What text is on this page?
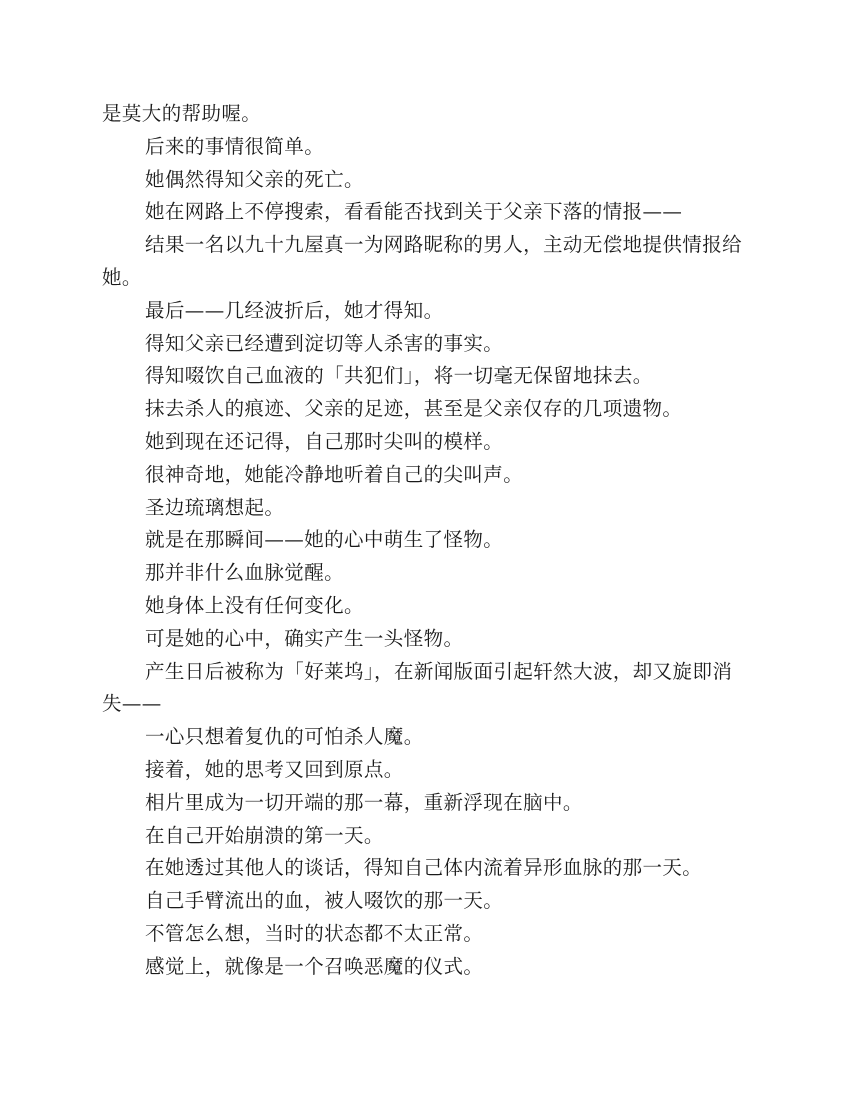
是莫大的帮助喔。

后来的事情很简单。

她偶然得知父亲的死亡。

她在网路上不停搜索，看看能否找到关于父亲下落的情报——

结果一名以九十九屋真一为网路昵称的男人，主动无偿地提供情报给她。

最后——几经波折后，她才得知。

得知父亲已经遭到淀切等人杀害的事实。

得知啜饮自己血液的「共犯们」，将一切毫无保留地抹去。

抹去杀人的痕迹、父亲的足迹，甚至是父亲仅存的几项遗物。

她到现在还记得，自己那时尖叫的模样。

很神奇地，她能冷静地听着自己的尖叫声。

圣边琉璃想起。

就是在那瞬间——她的心中萌生了怪物。

那并非什么血脉觉醒。

她身体上没有任何变化。

可是她的心中，确实产生一头怪物。

产生日后被称为「好莱坞」，在新闻版面引起轩然大波，却又旋即消失——

一心只想着复仇的可怕杀人魔。

接着，她的思考又回到原点。

相片里成为一切开端的那一幕，重新浮现在脑中。

在自己开始崩溃的第一天。

在她透过其他人的谈话，得知自己体内流着异形血脉的那一天。

自己手臂流出的血，被人啜饮的那一天。

不管怎么想，当时的状态都不太正常。

感觉上，就像是一个召唤恶魔的仪式。
